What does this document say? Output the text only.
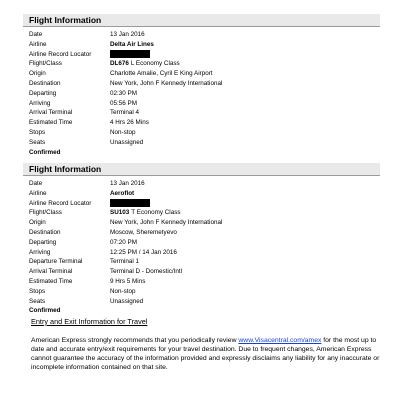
Flight Information
Date	13 Jan 2016
Airline	Delta Air Lines
Airline Record Locator
Flight/Class	DL676 L Economy Class
Origin	Charlotte Amalie, Cyril E King Airport
Destination	New York, John F Kennedy International
Departing	02:30 PM
Arriving	05:56 PM
Arrival Terminal	Terminal 4
Estimated Time	4 Hrs 26 Mins
Stops	Non-stop
Seats	Unassigned
Confirmed
Flight Information
Date	13 Jan 2016
Airline	Aeroflot
Airline Record Locator
Flight/Class	SU103 T Economy Class
Origin	New York, John F Kennedy International
Destination	Moscow, Sheremetyevo
Departing	07:20 PM
Arriving	12:25 PM / 14 Jan 2016
Departure Terminal	Terminal 1
Arrival Terminal	Terminal D - Domestic/Intl
Estimated Time	9 Hrs 5 Mins
Stops	Non-stop
Seats	Unassigned
Confirmed
Entry and Exit Information for Travel
American Express strongly recommends that you periodically review www.Visacentral.com/amex for the most up to date and accurate entry/exit requirements for your travel destination. Due to frequent changes, American Express cannot guarantee the accuracy of the information provided and expressly disclaims any liability for any inaccurate or incomplete information contained on that site.
